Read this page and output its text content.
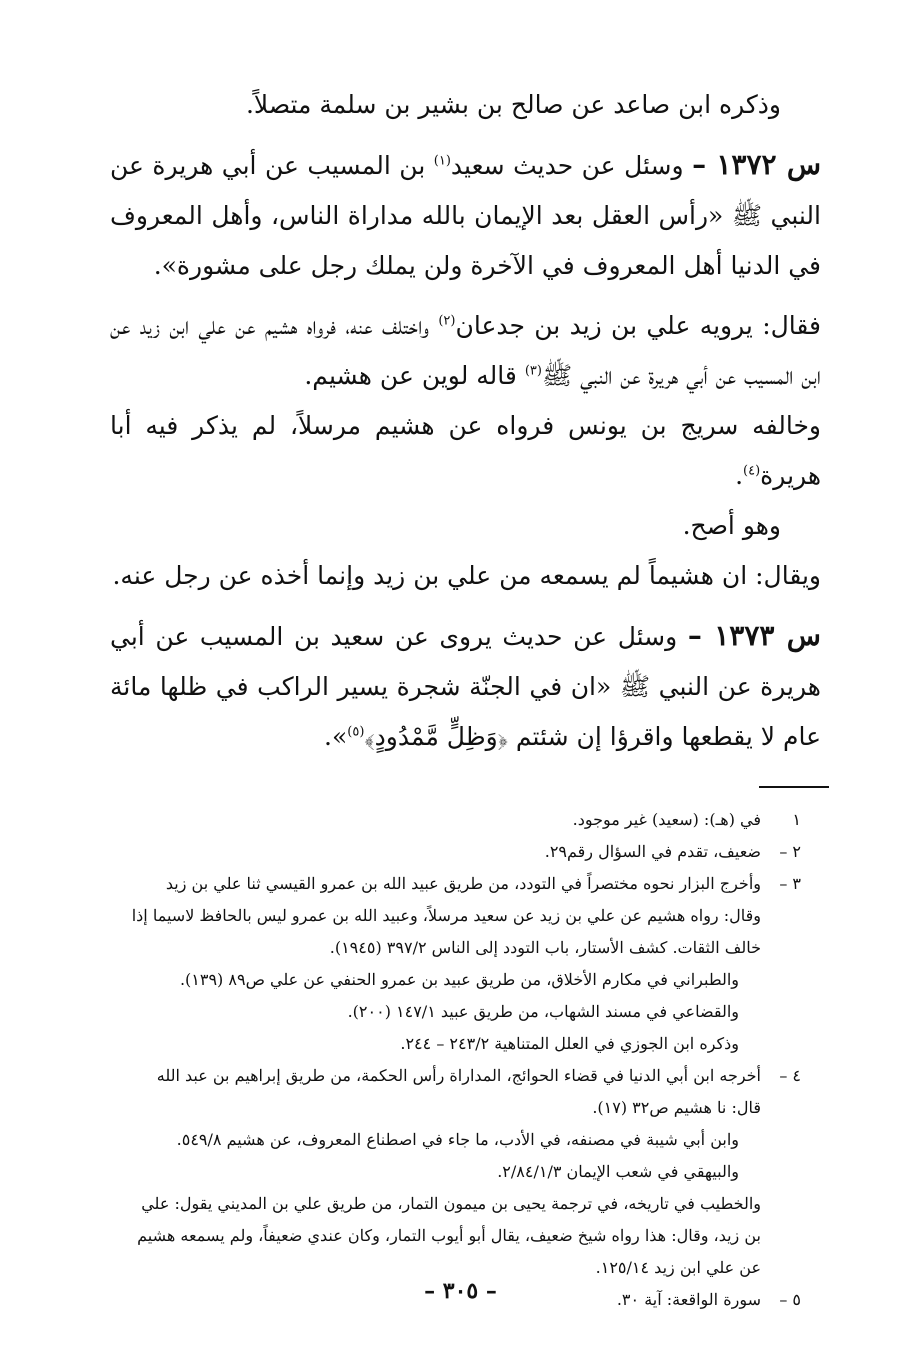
وذكره ابن صاعد عن صالح بن بشير بن سلمة متصلاً.

س ١٣٧٢ – وسئل عن حديث سعيد$^{(١)}$ بن المسيب عن أبي هريرة عن النبي ﷺ «رأس العقل بعد الإيمان بالله مداراة الناس، وأهل المعروف في الدنيا أهل المعروف في الآخرة ولن يملك رجل على مشورة».

فقال: يرويه علي بن زيد بن جدعان$^{(٢)}$ واختلف عنه، فرواه هشيم عن علي ابن زيد عن ابن المسيب عن أبي هريرة عن النبي ﷺ$^{(٣)}$ قاله لوين عن هشيم.

وخالفه سريج بن يونس فرواه عن هشيم مرسلاً، لم يذكر فيه أبا هريرة$^{(٤)}$.

وهو أصح.

ويقال: ان هشيماً لم يسمعه من علي بن زيد وإنما أخذه عن رجل عنه.

س ١٣٧٣ – وسئل عن حديث يروى عن سعيد بن المسيب عن أبي هريرة عن النبي ﷺ «ان في الجنّة شجرة يسير الراكب في ظلها مائة عام لا يقطعها واقرؤا إن شئتم ﴿وَظِلٍّ مَّمْدُودٍ﴾$^{(٥)}$».

١
في (هـ): (سعيد) غير موجود.
٢ –
ضعيف، تقدم في السؤال رقم٢٩.
٣ –
وأخرج البزار نحوه مختصراً في التودد، من طريق عبيد الله بن عمرو القيسي ثنا علي بن زيد وقال: رواه هشيم عن علي بن زيد عن سعيد مرسلاً، وعبيد الله بن عمرو ليس بالحافظ لاسيما إذا خالف الثقات. كشف الأستار، باب التودد إلى الناس ٣٩٧/٢ (١٩٤٥).
والطبراني في مكارم الأخلاق، من طريق عبيد بن عمرو الحنفي عن علي ص٨٩ (١٣٩).
والقضاعي في مسند الشهاب، من طريق عبيد ١٤٧/١ (٢٠٠).
وذكره ابن الجوزي في العلل المتناهية ٢٤٣/٢ – ٢٤٤.
٤ –
أخرجه ابن أبي الدنيا في قضاء الحوائج، المداراة رأس الحكمة، من طريق إبراهيم بن عبد الله قال: نا هشيم ص٣٢ (١٧).
وابن أبي شيبة في مصنفه، في الأدب، ما جاء في اصطناع المعروف، عن هشيم ٥٤٩/٨.
والبيهقي في شعب الإيمان ٢/٨٤/١/٣.
والخطيب في تاريخه، في ترجمة يحيى بن ميمون التمار، من طريق علي بن المديني يقول: علي بن زيد، وقال: هذا رواه شيخ ضعيف، يقال أبو أيوب التمار، وكان عندي ضعيفاً، ولم يسمعه هشيم عن علي ابن زيد ١٢٥/١٤.
٥ –
سورة الواقعة: آية ٣٠.
– ٣٠٥ –
